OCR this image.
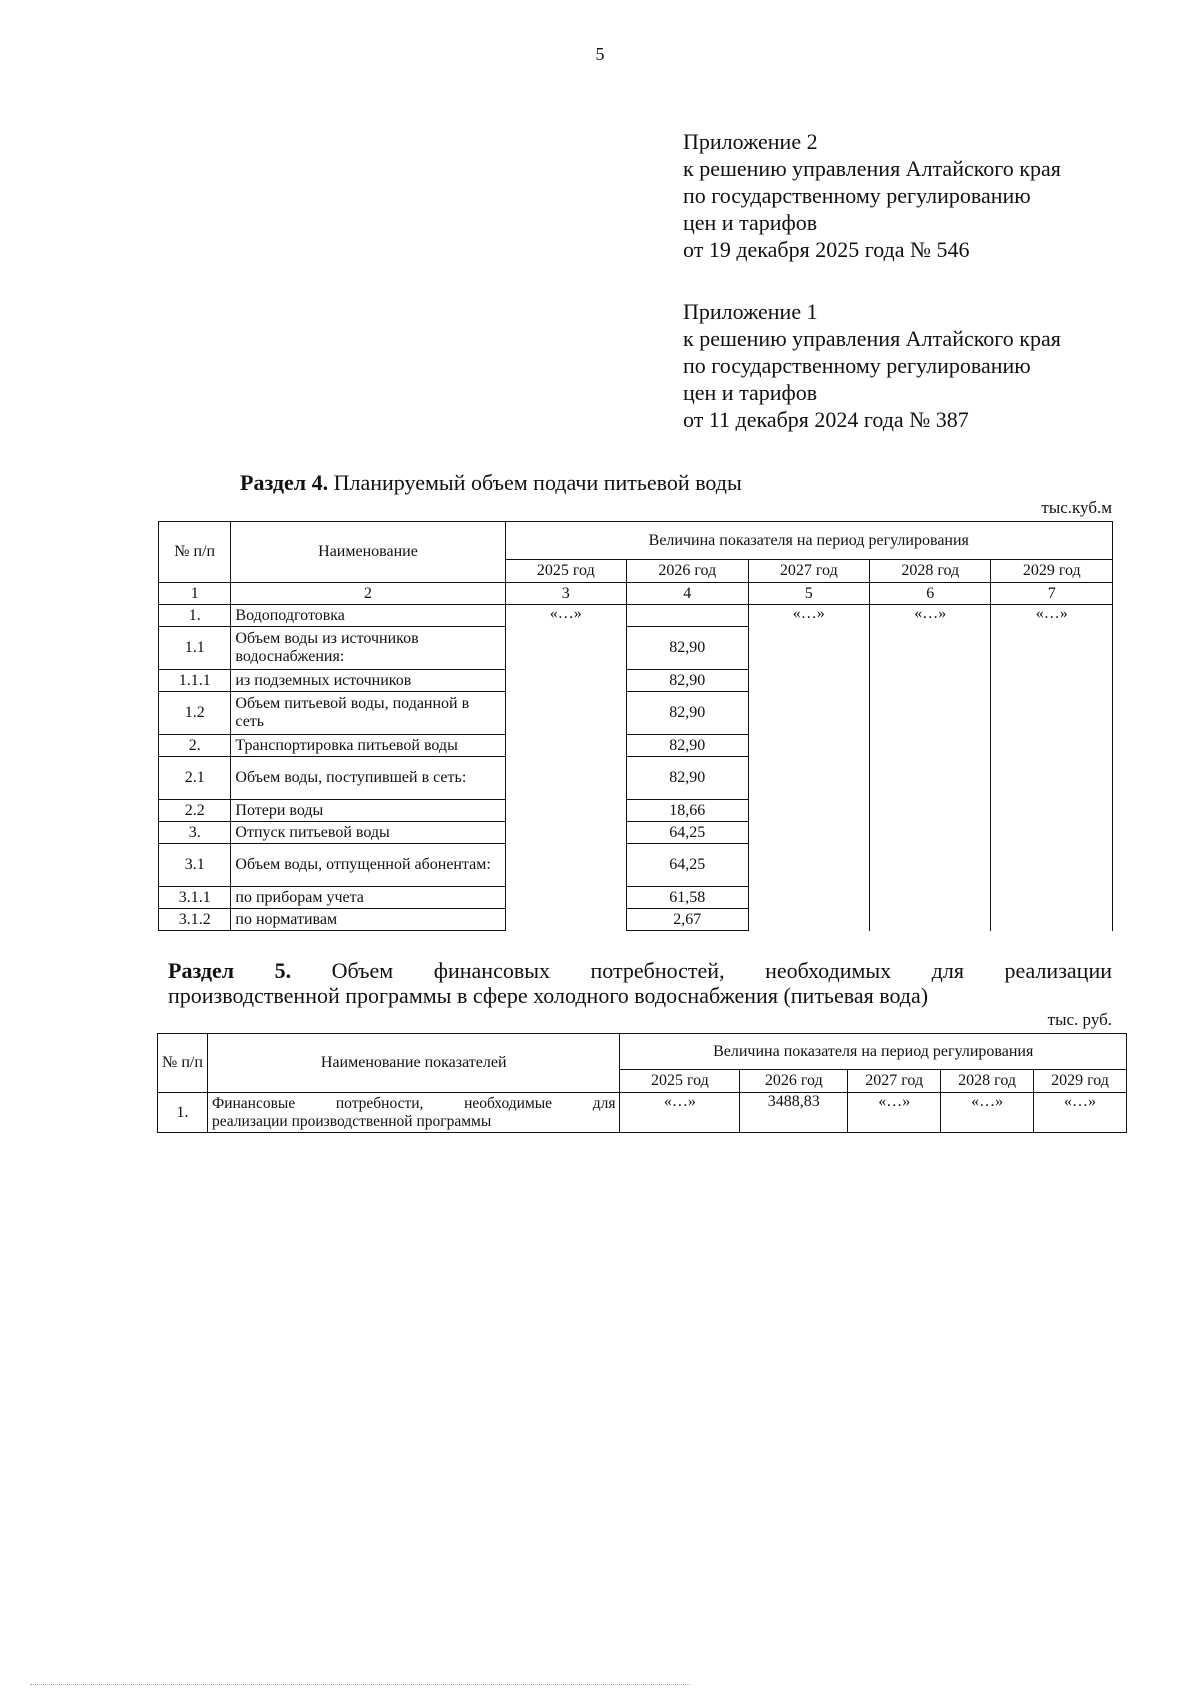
5
Приложение 2
к решению управления Алтайского края
по государственному регулированию
цен и тарифов
от 19 декабря 2025 года № 546
Приложение 1
к решению управления Алтайского края
по государственному регулированию
цен и тарифов
от 11 декабря 2024 года № 387
Раздел 4. Планируемый объем подачи питьевой воды
тыс.куб.м
№ п/п	Наименование	Величина показателя на период регулирования				
		2025 год	2026 год	2027 год	2028 год	2029 год
1	2	3	4	5	6	7
1.	Водоподготовка	«…»		«…»	«…»	«…»
1.1	Объем воды из источников водоснабжения:		82,90			
1.1.1	из подземных источников		82,90			
1.2	Объем питьевой воды, поданной в сеть		82,90			
2.	Транспортировка питьевой воды		82,90			
2.1	Объем воды, поступившей в сеть:		82,90			
2.2	Потери воды		18,66			
3.	Отпуск питьевой воды		64,25			
3.1	Объем воды, отпущенной абонентам:		64,25			
3.1.1	по приборам учета		61,58			
3.1.2	по нормативам		2,67			
Раздел 5. Объем финансовых потребностей, необходимых для реализации
производственной программы в сфере холодного водоснабжения (питьевая вода)
тыс. руб.
№ п/п	Наименование показателей	Величина показателя на период регулирования				
		2025 год	2026 год	2027 год	2028 год	2029 год
1.	Финансовые потребности, необходимые для
реализации производственной программы	«…»	3488,83	«…»	«…»	«…»
